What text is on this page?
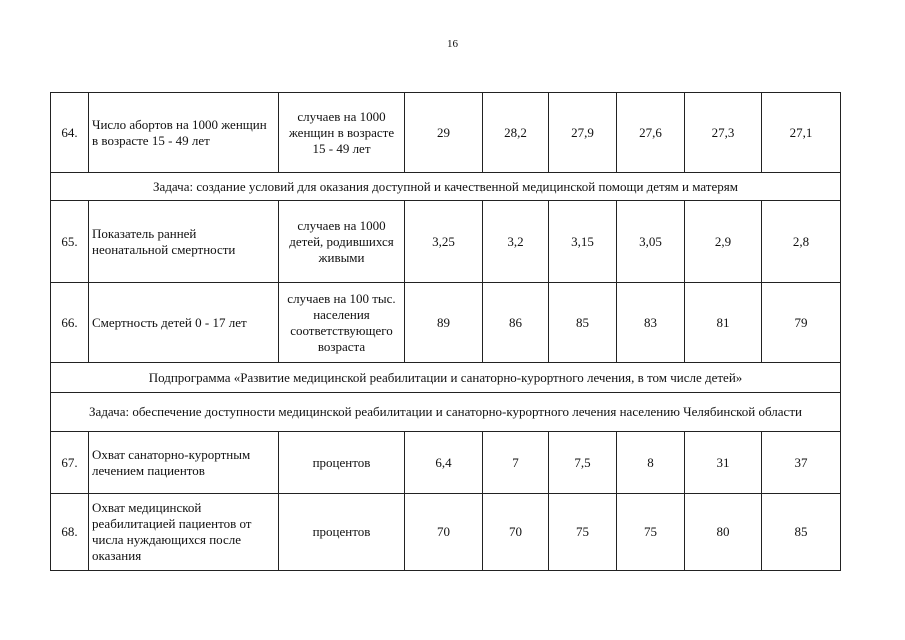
16
64.	Число абортов на 1000 женщин в возрасте 15 - 49 лет	случаев на 1000 женщин в возрасте 15 - 49 лет	29	28,2	27,9	27,6	27,3	27,1
Задача: создание условий для оказания доступной и качественной медицинской помощи детям и матерям								
65.	Показатель ранней неонатальной смертности	случаев на 1000 детей, родившихся живыми	3,25	3,2	3,15	3,05	2,9	2,8
66.	Смертность детей 0 - 17 лет	случаев на 100 тыс. населения соответствующего возраста	89	86	85	83	81	79
Подпрограмма «Развитие медицинской реабилитации и санаторно-курортного лечения, в том числе детей»								
Задача: обеспечение доступности медицинской реабилитации и санаторно-курортного лечения населению Челябинской области								
67.	Охват санаторно-курортным лечением пациентов	процентов	6,4	7	7,5	8	31	37
68.	Охват медицинской реабилитацией пациентов от числа нуждающихся после оказания	процентов	70	70	75	75	80	85
